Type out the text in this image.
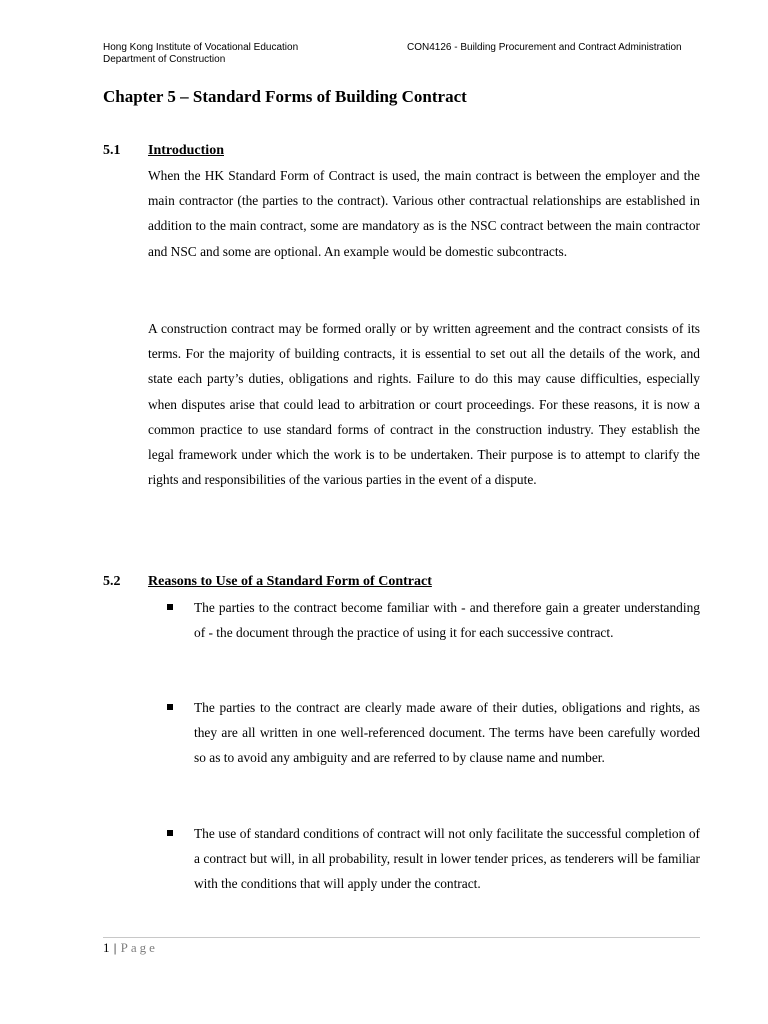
Hong Kong Institute of Vocational Education
Department of Construction
CON4126 - Building Procurement and Contract Administration
Chapter 5 – Standard Forms of Building Contract
5.1 Introduction

When the HK Standard Form of Contract is used, the main contract is between the employer and the main contractor (the parties to the contract). Various other contractual relationships are established in addition to the main contract, some are mandatory as is the NSC contract between the main contractor and NSC and some are optional. An example would be domestic subcontracts.

A construction contract may be formed orally or by written agreement and the contract consists of its terms. For the majority of building contracts, it is essential to set out all the details of the work, and state each party’s duties, obligations and rights. Failure to do this may cause difficulties, especially when disputes arise that could lead to arbitration or court proceedings. For these reasons, it is now a common practice to use standard forms of contract in the construction industry. They establish the legal framework under which the work is to be undertaken. Their purpose is to attempt to clarify the rights and responsibilities of the various parties in the event of a dispute.

5.2 Reasons to Use of a Standard Form of Contract

The parties to the contract become familiar with - and therefore gain a greater understanding of - the document through the practice of using it for each successive contract.

The parties to the contract are clearly made aware of their duties, obligations and rights, as they are all written in one well-referenced document. The terms have been carefully worded so as to avoid any ambiguity and are referred to by clause name and number.

The use of standard conditions of contract will not only facilitate the successful completion of a contract but will, in all probability, result in lower tender prices, as tenderers will be familiar with the conditions that will apply under the contract.

1 | Page
